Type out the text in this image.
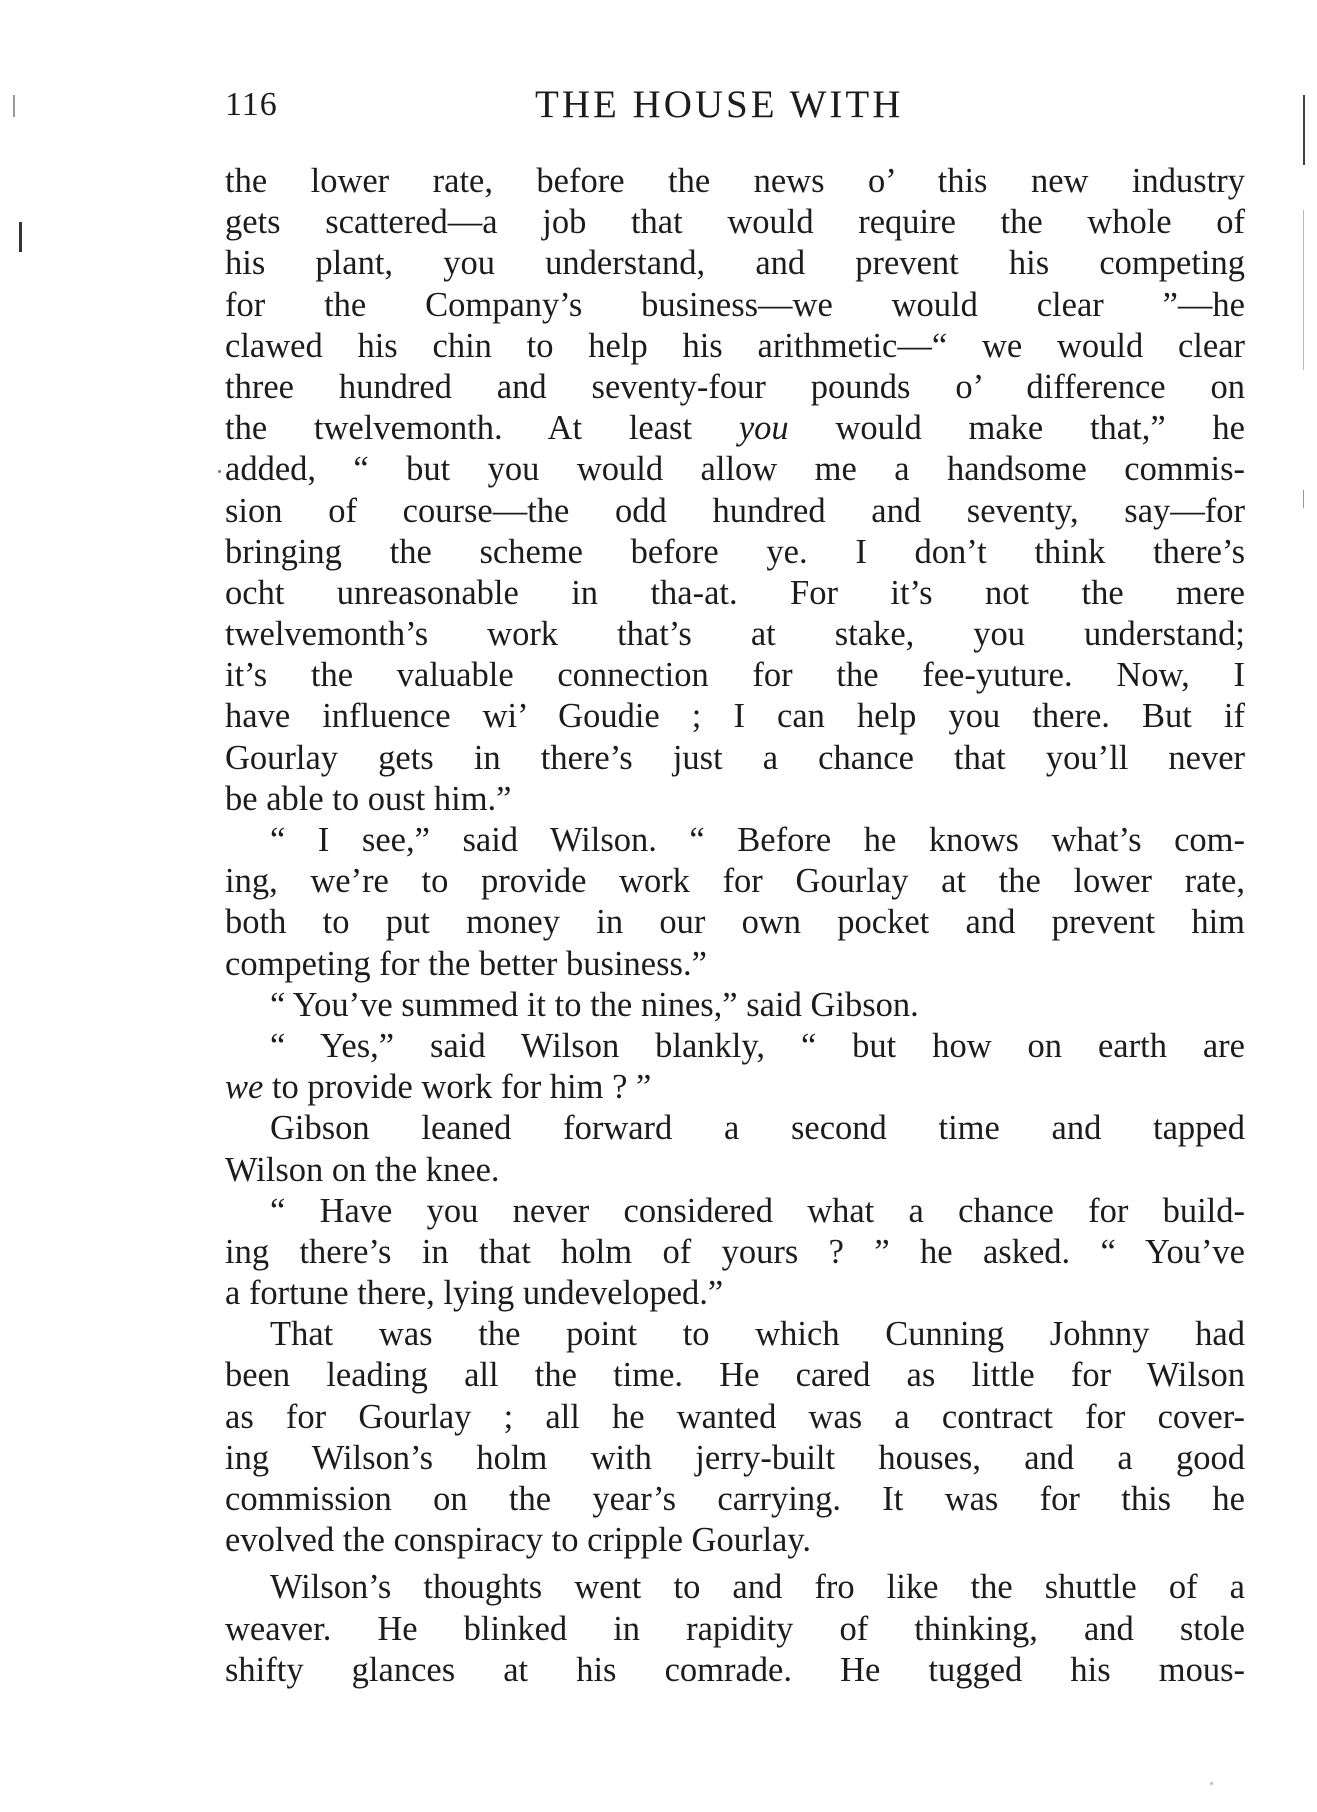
116	THE HOUSE WITH
the lower rate, before the news o’ this new industry
gets scattered—a job that would require the whole of
his plant, you understand, and prevent his competing
for the Company’s business—we would clear ”—he
clawed his chin to help his arithmetic—“ we would clear
three hundred and seventy-four pounds o’ difference on
the twelvemonth. At least you would make that,” he
added, “ but you would allow me a handsome commis-
sion of course—the odd hundred and seventy, say—for
bringing the scheme before ye. I don’t think there’s
ocht unreasonable in tha-at. For it’s not the mere
twelvemonth’s work that’s at stake, you understand;
it’s the valuable connection for the fee-yuture. Now, I
have influence wi’ Goudie ; I can help you there. But if
Gourlay gets in there’s just a chance that you’ll never
be able to oust him.”
“ I see,” said Wilson. “ Before he knows what’s com-
ing, we’re to provide work for Gourlay at the lower rate,
both to put money in our own pocket and prevent him
competing for the better business.”
“ You’ve summed it to the nines,” said Gibson.
“ Yes,” said Wilson blankly, “ but how on earth are
we to provide work for him ? ”
Gibson leaned forward a second time and tapped
Wilson on the knee.
“ Have you never considered what a chance for build-
ing there’s in that holm of yours ? ” he asked. “ You’ve
a fortune there, lying undeveloped.”
That was the point to which Cunning Johnny had
been leading all the time. He cared as little for Wilson
as for Gourlay ; all he wanted was a contract for cover-
ing Wilson’s holm with jerry-built houses, and a good
commission on the year’s carrying. It was for this he
evolved the conspiracy to cripple Gourlay.
Wilson’s thoughts went to and fro like the shuttle of a
weaver. He blinked in rapidity of thinking, and stole
shifty glances at his comrade. He tugged his mous-
